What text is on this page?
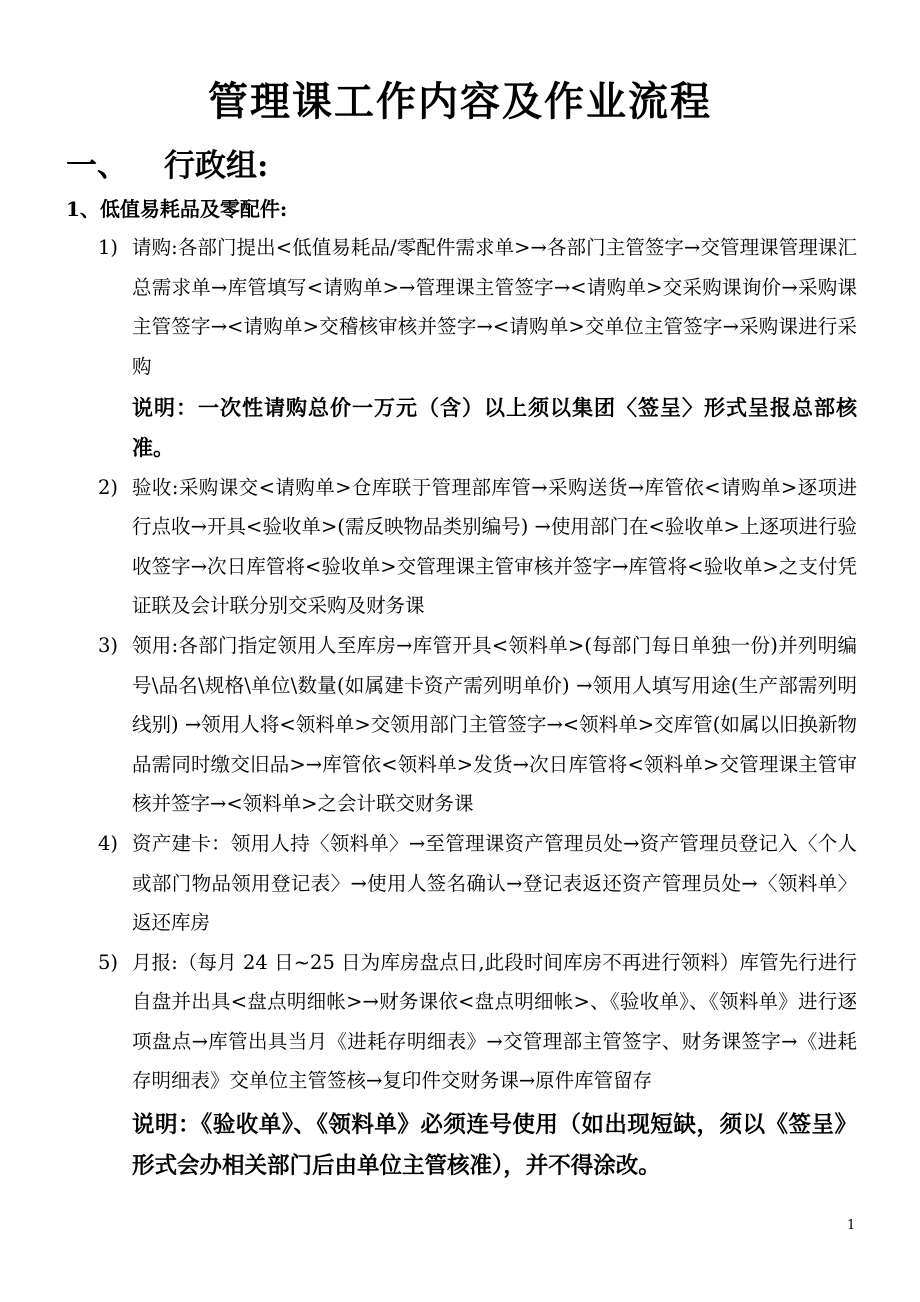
管理课工作内容及作业流程
一、 行政组:
1、低值易耗品及零配件:
1) 请购:各部门提出<低值易耗品/零配件需求单>→各部门主管签字→交管理课管理课汇总需求单→库管填写<请购单>→管理课主管签字→<请购单>交采购课询价→采购课主管签字→<请购单>交稽核审核并签字→<请购单>交单位主管签字→采购课进行采购
说明：一次性请购总价一万元（含）以上须以集团〈签呈〉形式呈报总部核准。
2) 验收:采购课交<请购单>仓库联于管理部库管→采购送货→库管依<请购单>逐项进行点收→开具<验收单>(需反映物品类别编号) →使用部门在<验收单>上逐项进行验收签字→次日库管将<验收单>交管理课主管审核并签字→库管将<验收单>之支付凭证联及会计联分别交采购及财务课
3) 领用:各部门指定领用人至库房→库管开具<领料单>(每部门每日单独一份)并列明编号\品名\规格\单位\数量(如属建卡资产需列明单价) →领用人填写用途(生产部需列明线别) →领用人将<领料单>交领用部门主管签字→<领料单>交库管(如属以旧换新物品需同时缴交旧品>→库管依<领料单>发货→次日库管将<领料单>交管理课主管审核并签字→<领料单>之会计联交财务课
4) 资产建卡：领用人持〈领料单〉→至管理课资产管理员处→资产管理员登记入〈个人或部门物品领用登记表〉→使用人签名确认→登记表返还资产管理员处→〈领料单〉返还库房
5) 月报:（每月 24 日~25 日为库房盘点日,此段时间库房不再进行领料）库管先行进行自盘并出具<盘点明细帐>→财务课依<盘点明细帐>、《验收单》、《领料单》进行逐项盘点→库管出具当月《进耗存明细表》→交管理部主管签字、财务课签字→《进耗存明细表》交单位主管签核→复印件交财务课→原件库管留存
说明：《验收单》、《领料单》必须连号使用（如出现短缺，须以《签呈》形式会办相关部门后由单位主管核准），并不得涂改。
1
